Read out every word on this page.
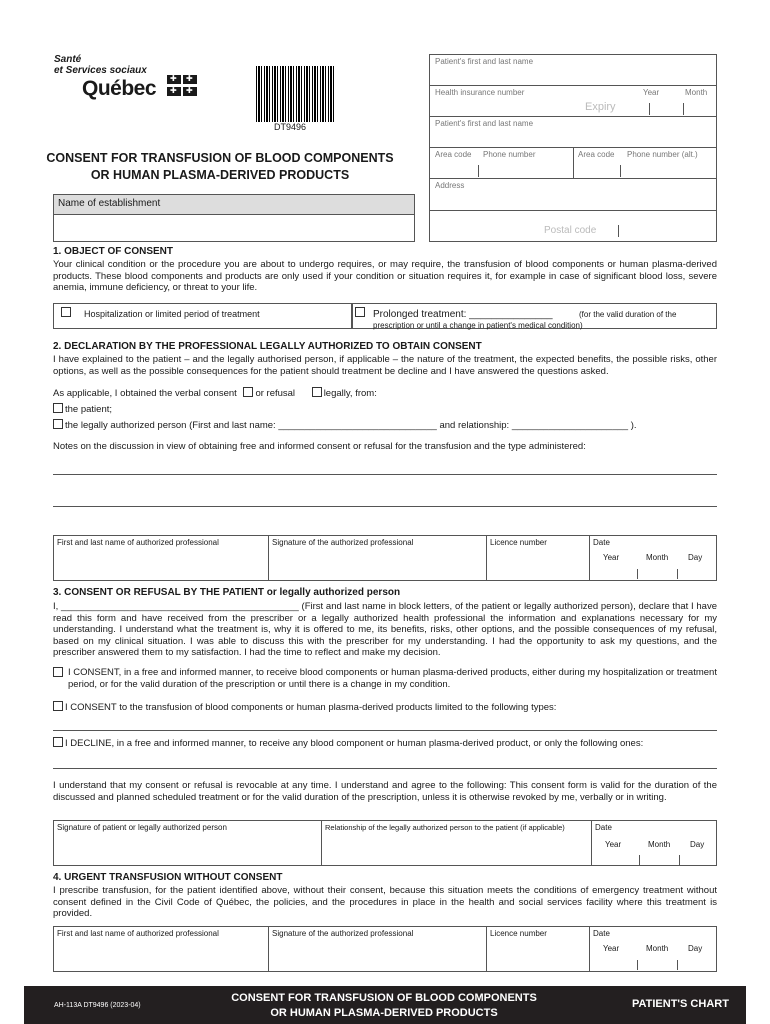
Santé
et Services sociaux
Québec
✚
✚
✚
✚
DT9496
CONSENT FOR TRANSFUSION OF BLOOD COMPONENTS
OR HUMAN PLASMA-DERIVED PRODUCTS
Patient's first and last name
Health insurance number	Year	Month
Expiry
Patient's first and last name
Area code Phone number	Area code Phone number (alt.)
Address
Postal code
Name of establishment
1. OBJECT OF CONSENT
Your clinical condition or the procedure you are about to undergo requires, or may require, the transfusion of blood components or human plasma-derived products. These blood components and products are only used if your condition or situation requires it, for example in case of significant blood loss, severe anemia, immune deficiency, or threat to your life.
Hospitalization or limited period of treatment	Prolonged treatment: _______________	(for the valid duration of the
prescription or until a change in patient's medical condition)
2. DECLARATION BY THE PROFESSIONAL LEGALLY AUTHORIZED TO OBTAIN CONSENT
I have explained to the patient – and the legally authorised person, if applicable – the nature of the treatment, the expected benefits, the possible risks, other options, as well as the possible consequences for the patient should treatment be decline and I have answered the questions asked.
As applicable, I obtained the verbal consent or refusal	legally, from:
the patient;
the legally authorized person (First and last name: ______________________________ and relationship: ______________________ ).
Notes on the discussion in view of obtaining free and informed consent or refusal for the transfusion and the type administered:
First and last name of authorized professional	Signature of the authorized professional	Licence number	Date
Year	Month Day
3. CONSENT OR REFUSAL BY THE PATIENT or legally authorized person
I, _____________________________________________ (First and last name in block letters, of the patient or legally authorized person), declare that I have read this form and have received from the prescriber or a legally authorized health professional the information and explanations necessary for my understanding. I understand what the treatment is, why it is offered to me, its benefits, risks, other options, and the possible consequences of my refusal, based on my clinical situation. I was able to discuss this with the prescriber for my understanding. I had the opportunity to ask my questions, and the prescriber answered them to my satisfaction. I had the time to reflect and make my decision.
I CONSENT, in a free and informed manner, to receive blood components or human plasma-derived products, either during my hospitalization or treatment period, or for the valid duration of the prescription or until there is a change in my condition.
I CONSENT to the transfusion of blood components or human plasma-derived products limited to the following types:
I DECLINE, in a free and informed manner, to receive any blood component or human plasma-derived product, or only the following ones:
I understand that my consent or refusal is revocable at any time. I understand and agree to the following: This consent form is valid for the duration of the discussed and planned scheduled treatment or for the valid duration of the prescription, unless it is otherwise revoked by me, verbally or in writing.
Signature of patient or legally authorized person	Relationship of the legally authorized person to the patient (if applicable)	Date
Year	Month Day
4. URGENT TRANSFUSION WITHOUT CONSENT
I prescribe transfusion, for the patient identified above, without their consent, because this situation meets the conditions of emergency treatment without consent defined in the Civil Code of Québec, the policies, and the procedures in place in the health and social services facility where this treatment is provided.
First and last name of authorized professional	Signature of the authorized professional	Licence number	Date
Year	Month Day
AH-113A DT9496 (2023-04)
CONSENT FOR TRANSFUSION OF BLOOD COMPONENTS
OR HUMAN PLASMA-DERIVED PRODUCTS
PATIENT'S CHART
